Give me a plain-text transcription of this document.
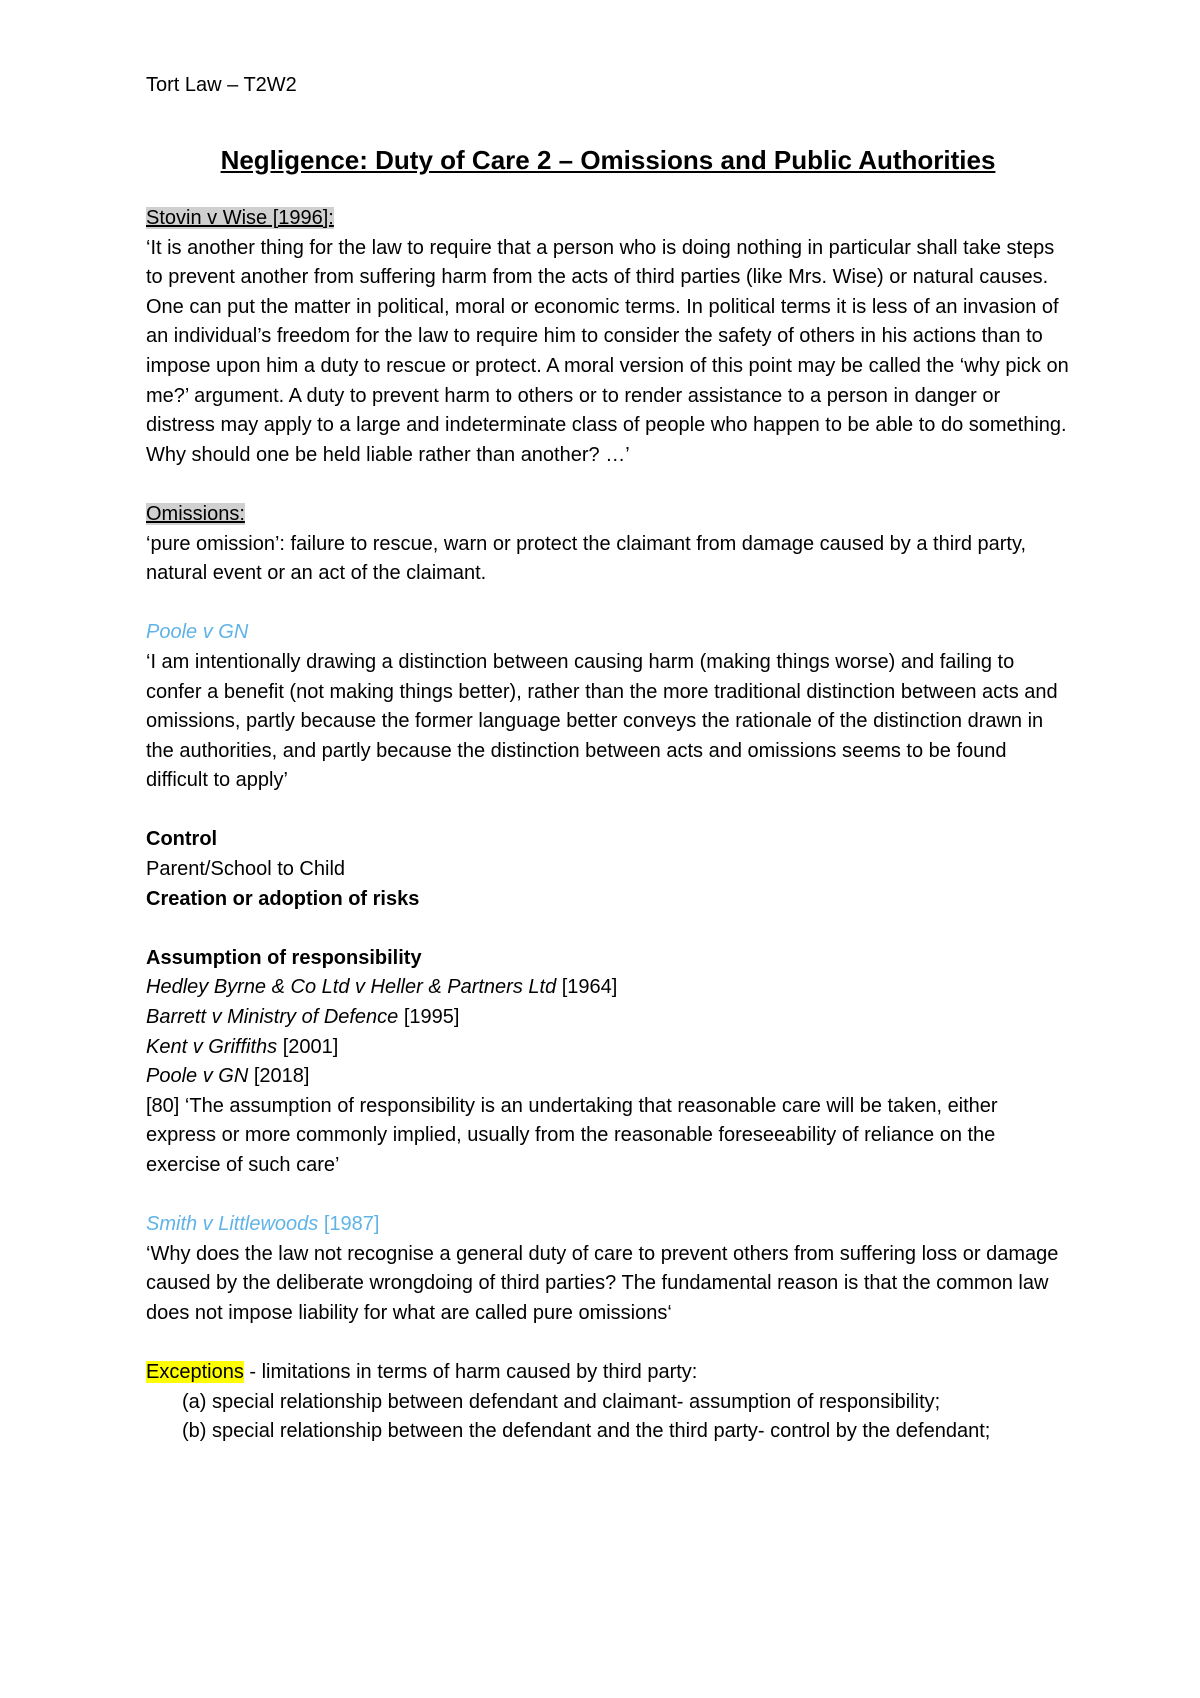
Tort Law – T2W2
Negligence: Duty of Care 2 – Omissions and Public Authorities
Stovin v Wise [1996]:
‘It is another thing for the law to require that a person who is doing nothing in particular shall take steps to prevent another from suffering harm from the acts of third parties (like Mrs. Wise) or natural causes. One can put the matter in political, moral or economic terms. In political terms it is less of an invasion of an individual’s freedom for the law to require him to consider the safety of others in his actions than to impose upon him a duty to rescue or protect. A moral version of this point may be called the ‘why pick on me?’ argument. A duty to prevent harm to others or to render assistance to a person in danger or distress may apply to a large and indeterminate class of people who happen to be able to do something. Why should one be held liable rather than another? …’
Omissions:
‘pure omission’: failure to rescue, warn or protect the claimant from damage caused by a third party, natural event or an act of the claimant.
Poole v GN
‘I am intentionally drawing a distinction between causing harm (making things worse) and failing to confer a benefit (not making things better), rather than the more traditional distinction between acts and omissions, partly because the former language better conveys the rationale of the distinction drawn in the authorities, and partly because the distinction between acts and omissions seems to be found difficult to apply’
Control
Parent/School to Child
Creation or adoption of risks
Assumption of responsibility
Hedley Byrne & Co Ltd v Heller & Partners Ltd [1964]
Barrett v Ministry of Defence [1995]
Kent v Griffiths [2001]
Poole v GN [2018]
[80] ‘The assumption of responsibility is an undertaking that reasonable care will be taken, either express or more commonly implied, usually from the reasonable foreseeability of reliance on the exercise of such care’
Smith v Littlewoods [1987]
‘Why does the law not recognise a general duty of care to prevent others from suffering loss or damage caused by the deliberate wrongdoing of third parties? The fundamental reason is that the common law does not impose liability for what are called pure omissions‘
Exceptions - limitations in terms of harm caused by third party:
(a) special relationship between defendant and claimant- assumption of responsibility;
(b) special relationship between the defendant and the third party- control by the defendant;
